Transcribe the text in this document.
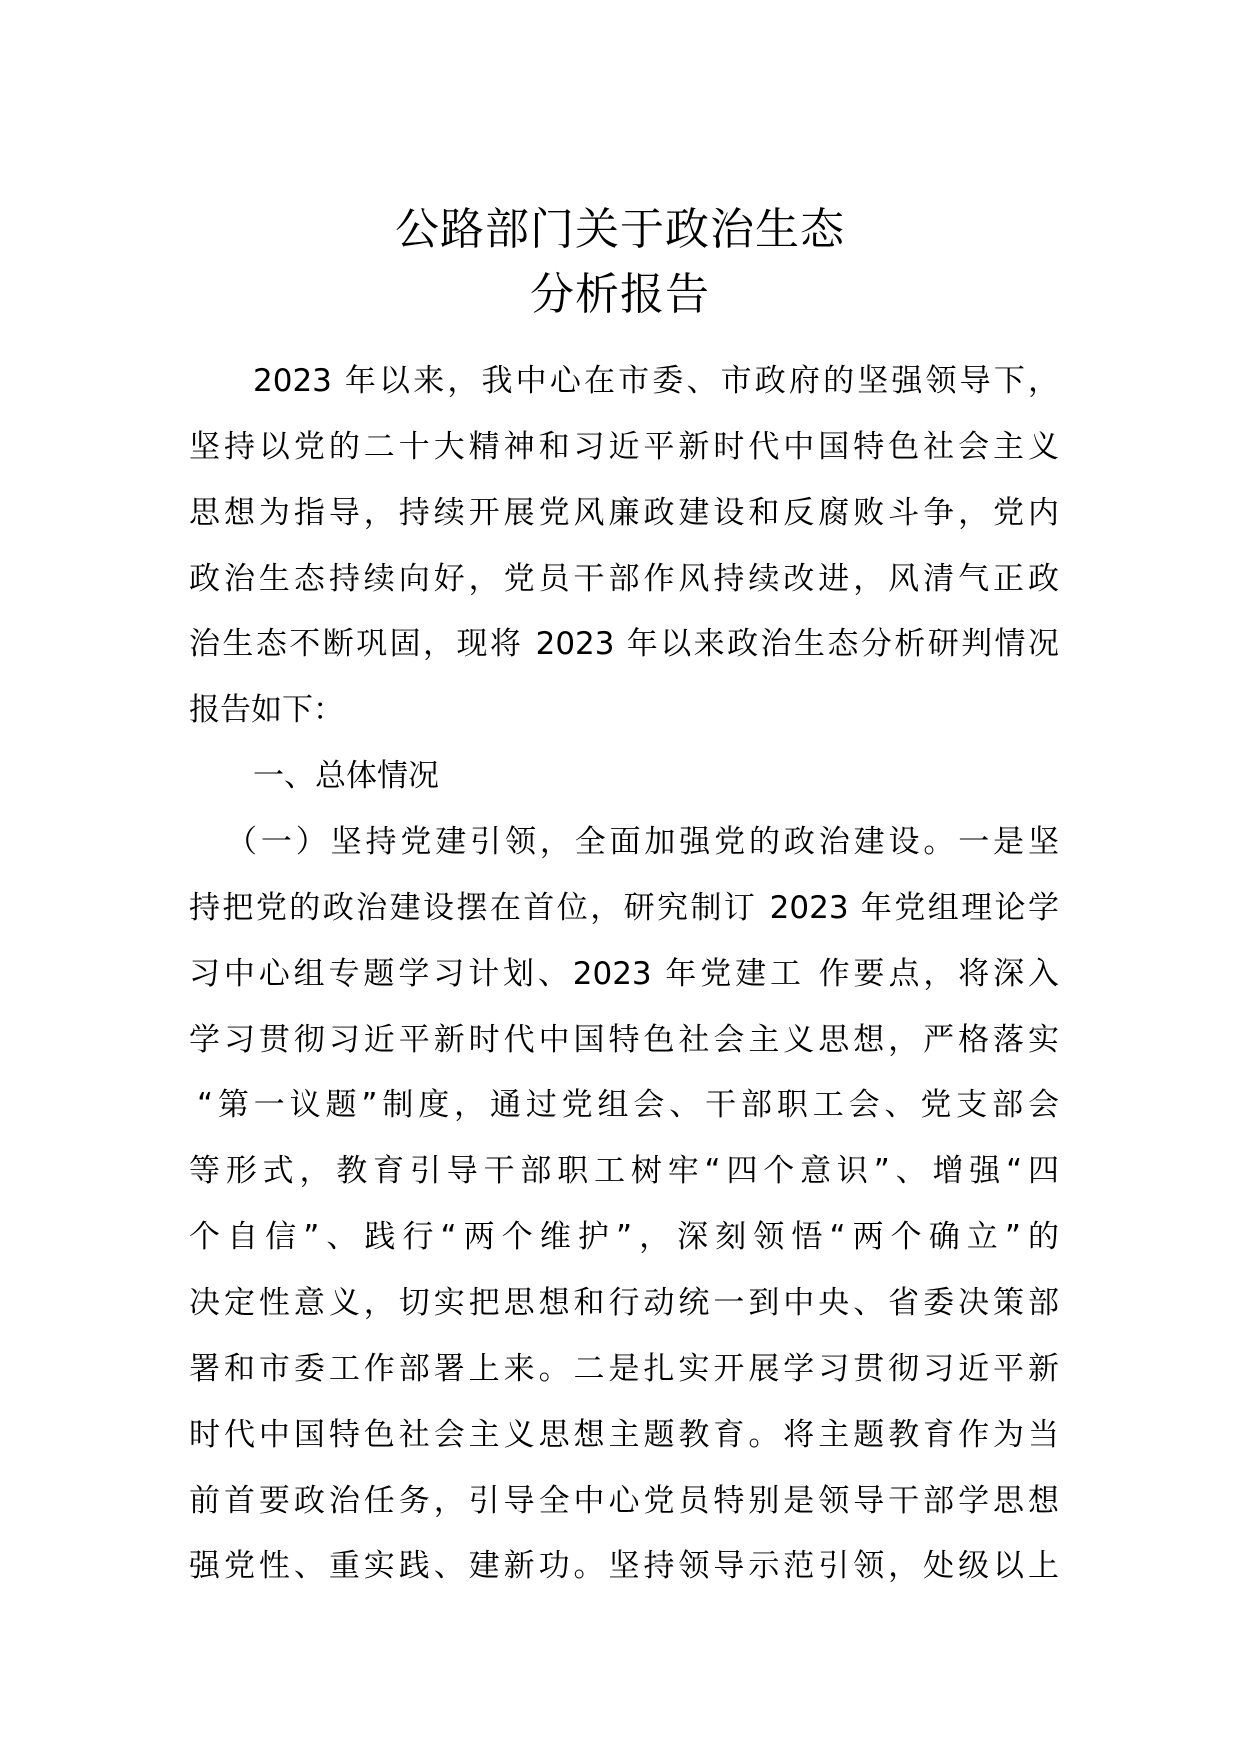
公路部门关于政治生态
分析报告
2023 年以来，我中心在市委、市政府的坚强领导下，
坚持以党的二十大精神和习近平新时代中国特色社会主义
思想为指导，持续开展党风廉政建设和反腐败斗争，党内
政治生态持续向好，党员干部作风持续改进，风清气正政
治生态不断巩固，现将 2023 年以来政治生态分析研判情况
报告如下：
一、总体情况
（一）坚持党建引领，全面加强党的政治建设。一是坚
持把党的政治建设摆在首位，研究制订 2023 年党组理论学
习中心组专题学习计划、2023 年党建工 作要点，将深入
学习贯彻习近平新时代中国特色社会主义思想，严格落实
“第一议题”制度，通过党组会、干部职工会、党支部会
等形式，教育引导干部职工树牢“四个意识”、增强“四
个自信”、践行“两个维护”，深刻领悟“两个确立”的
决定性意义，切实把思想和行动统一到中央、省委决策部
署和市委工作部署上来。二是扎实开展学习贯彻习近平新
时代中国特色社会主义思想主题教育。将主题教育作为当
前首要政治任务，引导全中心党员特别是领导干部学思想
强党性、重实践、建新功。坚持领导示范引领，处级以上
